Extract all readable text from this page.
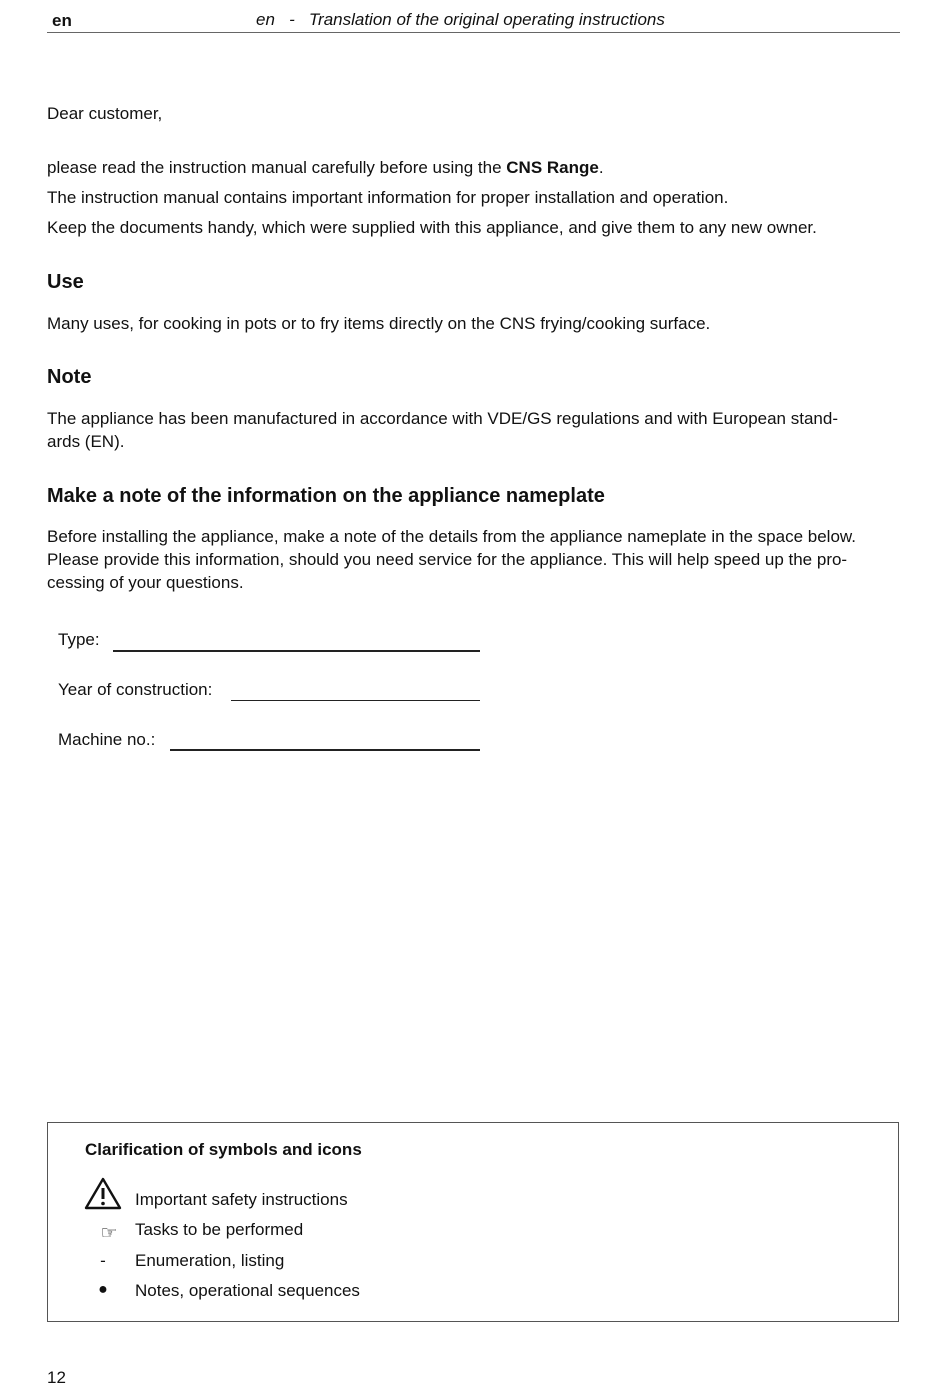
en	en   -   Translation of the original operating instructions
Dear customer,
please read the instruction manual carefully before using the CNS Range.
The instruction manual contains important information for proper installation and operation.
Keep the documents handy, which were supplied with this appliance, and give them to any new owner.
Use
Many uses, for cooking in pots or to fry items directly on the CNS frying/cooking surface.
Note
The appliance has been manufactured in accordance with VDE/GS regulations and with European stand-
ards (EN).
Make a note of the information on the appliance nameplate
Before installing the appliance, make a note of the details from the appliance nameplate in the space below.
Please provide this information, should you need service for the appliance. This will help speed up the pro-
cessing of your questions.
Type:
Year of construction:
Machine no.:
Clarification of symbols and icons
Important safety instructions
☞	Tasks to be performed
-	Enumeration, listing
●	Notes, operational sequences
12
